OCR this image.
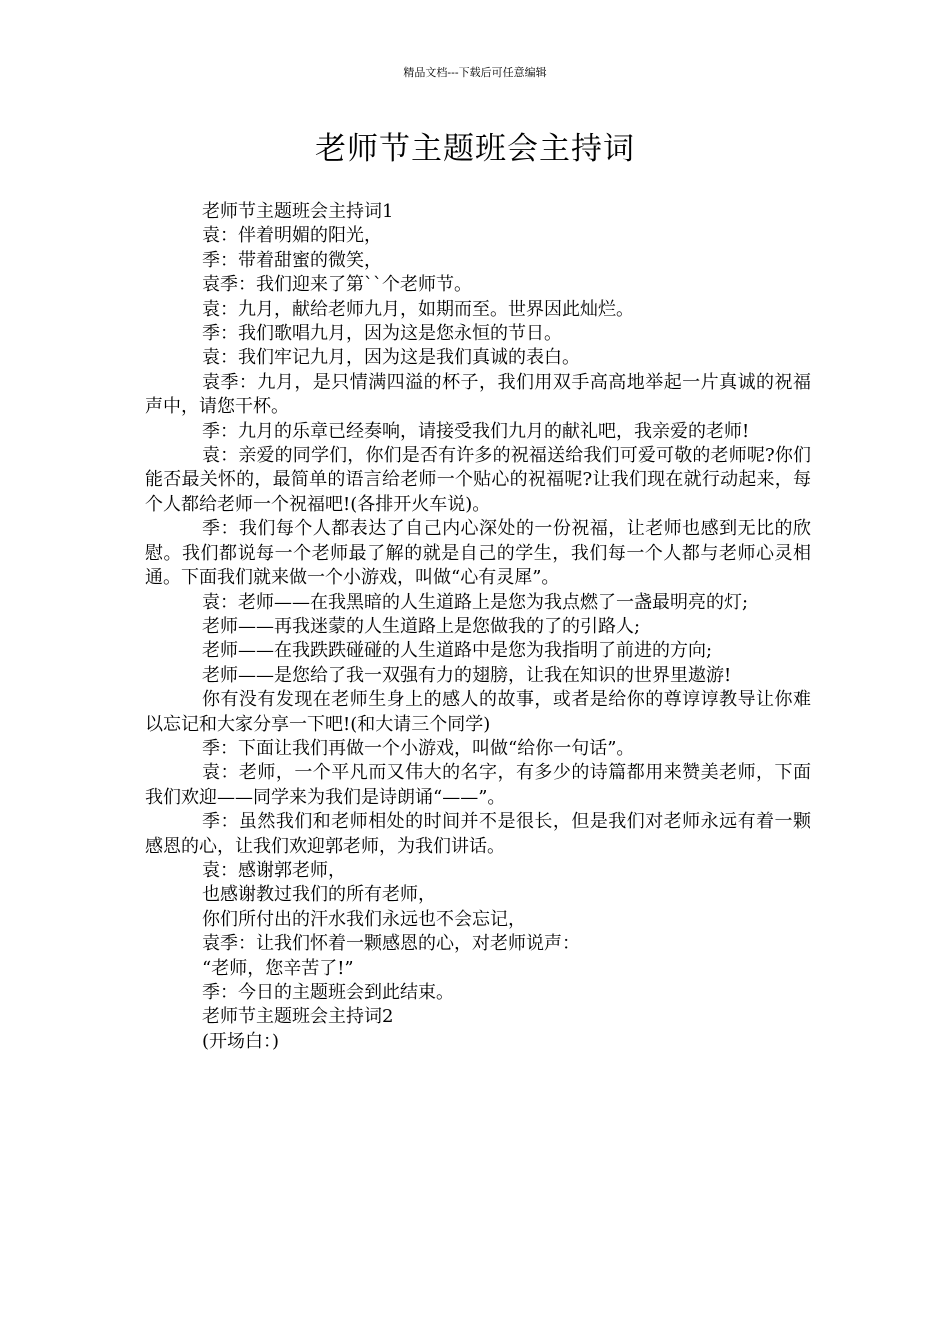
精品文档---下载后可任意编辑
老师节主题班会主持词

老师节主题班会主持词1

袁：伴着明媚的阳光，

季：带着甜蜜的微笑，

袁季：我们迎来了第``个老师节。

袁：九月，献给老师九月，如期而至。世界因此灿烂。

季：我们歌唱九月，因为这是您永恒的节日。

袁：我们牢记九月，因为这是我们真诚的表白。

袁季：九月，是只情满四溢的杯子，我们用双手高高地举起一片真诚的祝福声中，请您干杯。

季：九月的乐章已经奏响，请接受我们九月的献礼吧，我亲爱的老师!

袁：亲爱的同学们，你们是否有许多的祝福送给我们可爱可敬的老师呢?你们能否最关怀的，最简单的语言给老师一个贴心的祝福呢?让我们现在就行动起来，每个人都给老师一个祝福吧!(各排开火车说)。

季：我们每个人都表达了自己内心深处的一份祝福，让老师也感到无比的欣慰。我们都说每一个老师最了解的就是自己的学生，我们每一个人都与老师心灵相通。下面我们就来做一个小游戏，叫做“心有灵犀”。

袁：老师——在我黑暗的人生道路上是您为我点燃了一盏最明亮的灯;

老师——再我迷蒙的人生道路上是您做我的了的引路人;

老师——在我跌跌碰碰的人生道路中是您为我指明了前进的方向;

老师——是您给了我一双强有力的翅膀，让我在知识的世界里遨游!

你有没有发现在老师生身上的感人的故事，或者是给你的尊谆谆教导让你难以忘记和大家分享一下吧!(和大请三个同学)

季：下面让我们再做一个小游戏，叫做“给你一句话”。

袁：老师，一个平凡而又伟大的名字，有多少的诗篇都用来赞美老师，下面我们欢迎——同学来为我们是诗朗诵“——”。

季：虽然我们和老师相处的时间并不是很长，但是我们对老师永远有着一颗感恩的心，让我们欢迎郭老师，为我们讲话。

袁：感谢郭老师，

也感谢教过我们的所有老师，

你们所付出的汗水我们永远也不会忘记，

袁季：让我们怀着一颗感恩的心，对老师说声：

“老师，您辛苦了!”

季：今日的主题班会到此结束。

老师节主题班会主持词2

(开场白：)
